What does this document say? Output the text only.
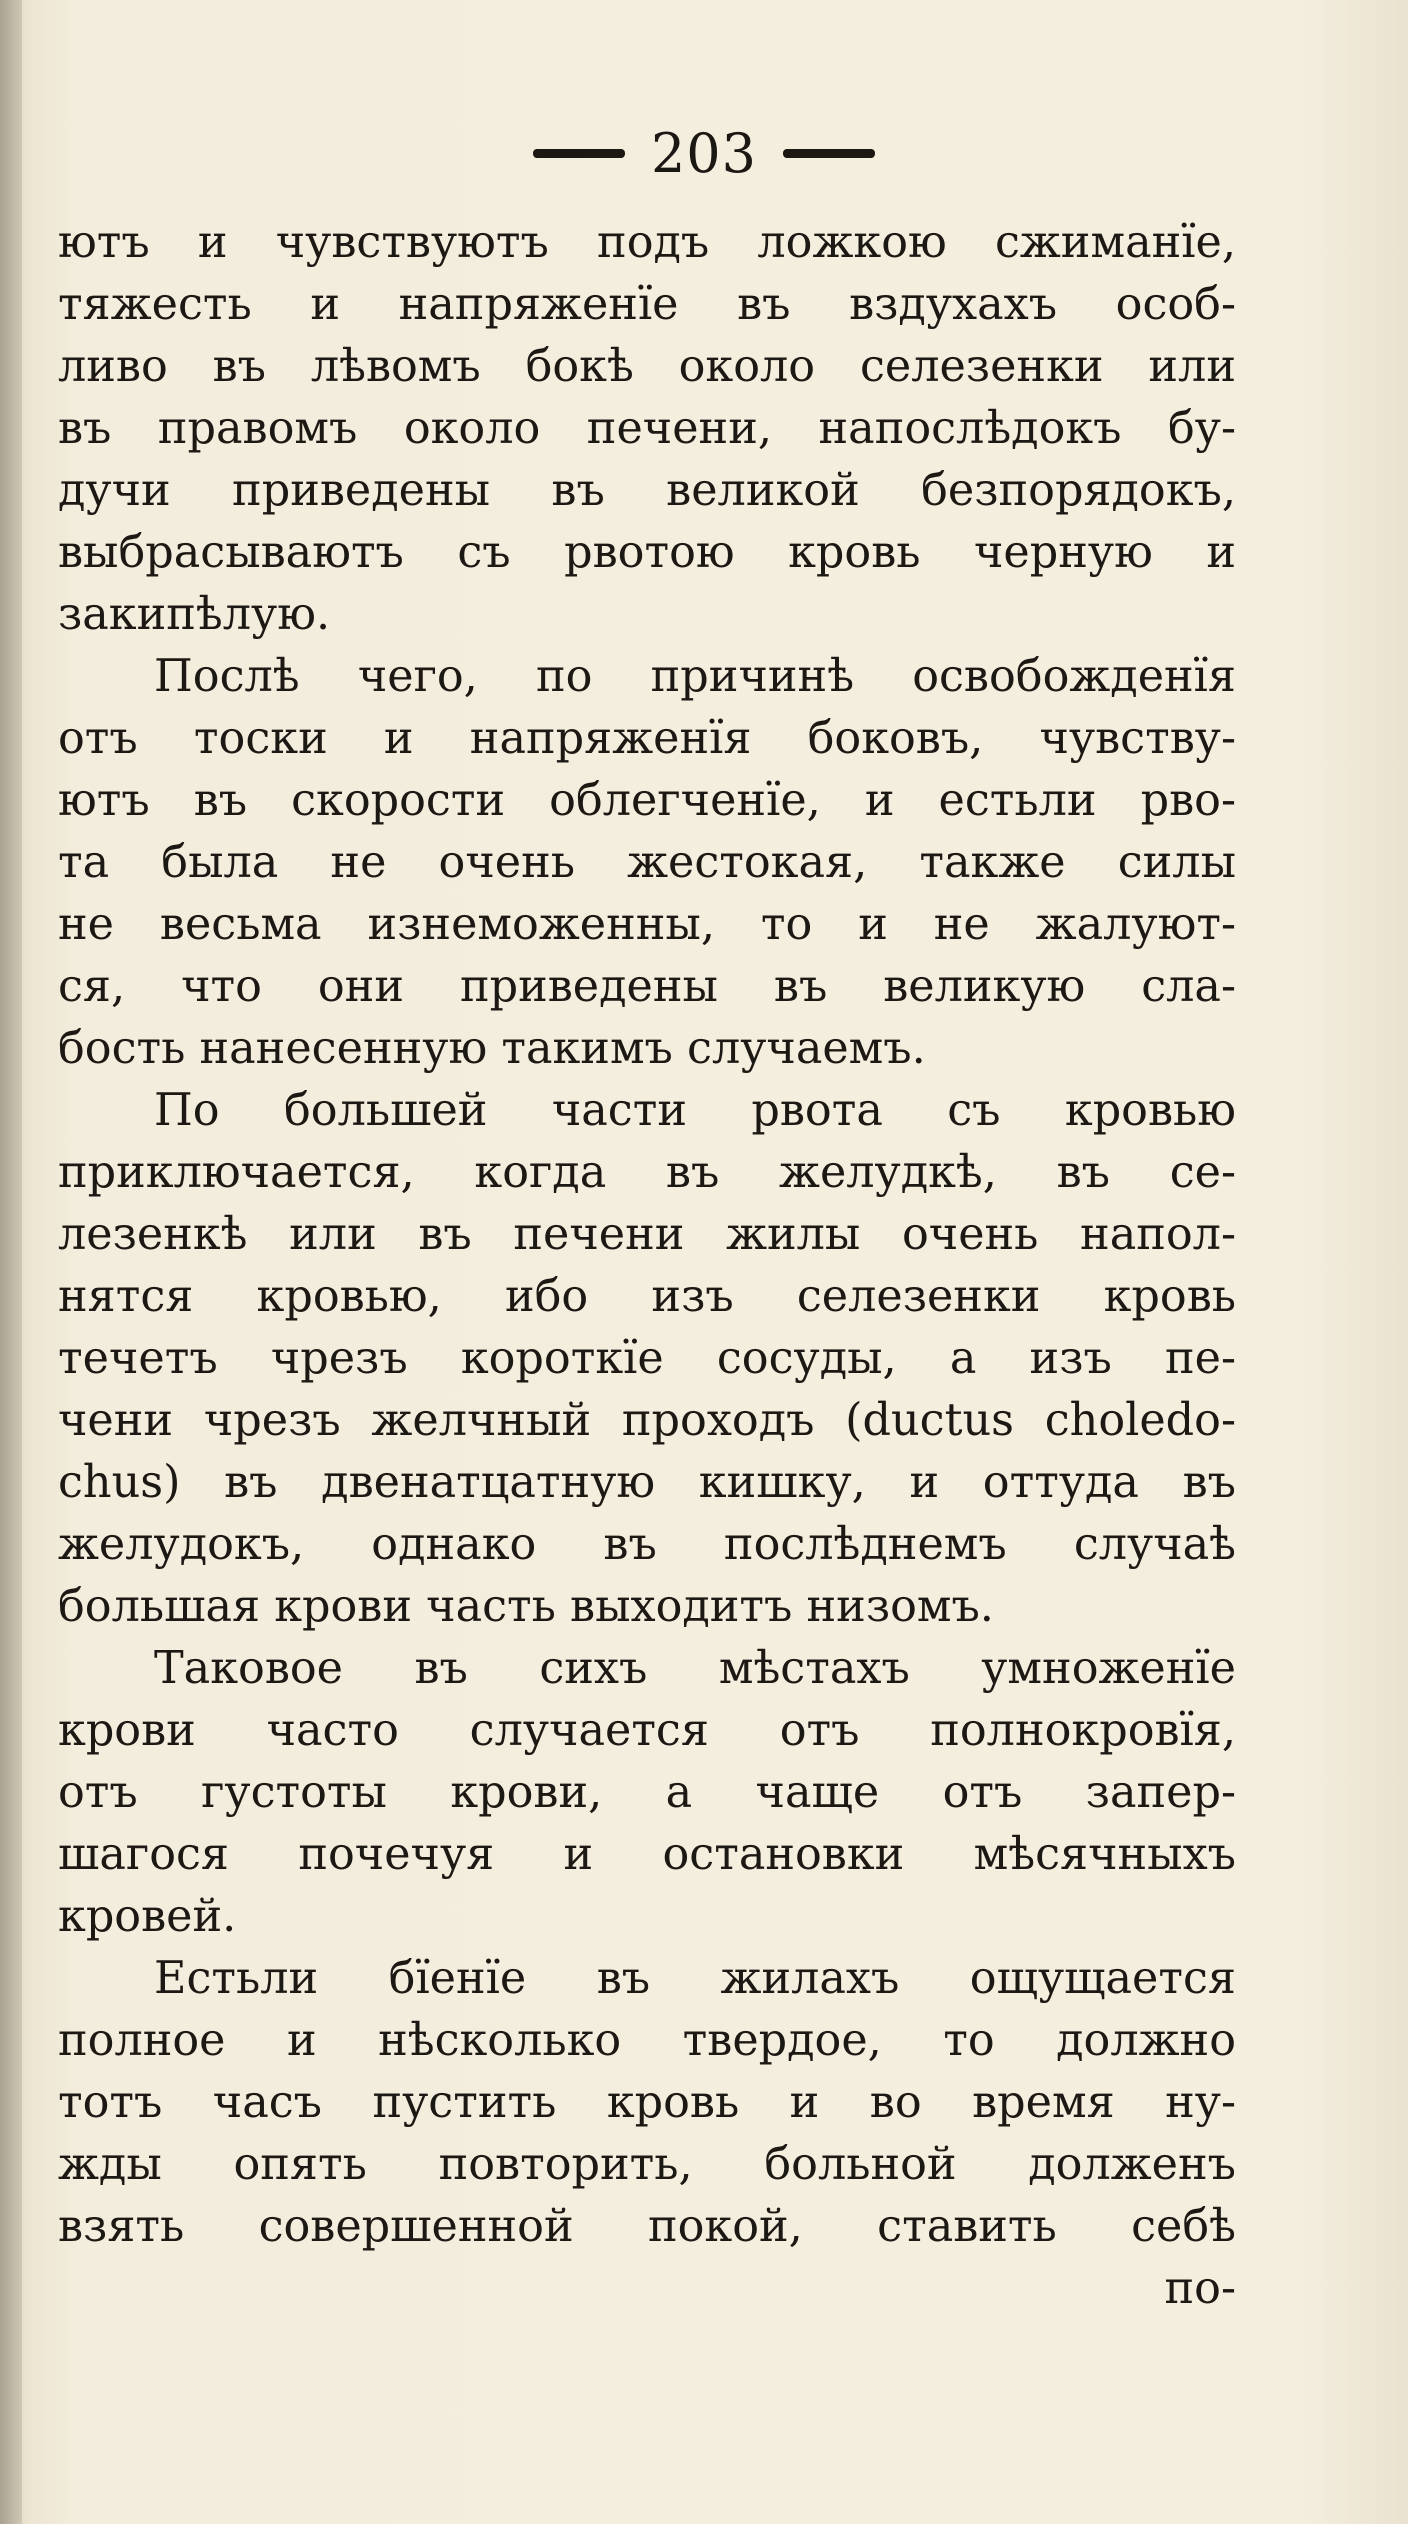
203
ютъ и чувствуютъ подъ ложкою сжиманїе,
тяжесть и напряженїе въ вздухахъ особ-
ливо въ лѣвомъ бокѣ около селезенки или
въ правомъ около печени, напослѣдокъ бу-
дучи приведены въ великой безпорядокъ,
выбрасываютъ съ рвотою кровь черную и
закипѣлую.
Послѣ чего, по причинѣ освобожденїя
отъ тоски и напряженїя боковъ, чувству-
ютъ въ скорости облегченїе, и естьли рво-
та была не очень жестокая, также силы
не весьма изнеможенны, то и не жалуют-
ся, что они приведены въ великую сла-
бость нанесенную такимъ случаемъ.
По большей части рвота съ кровью
приключается, когда въ желудкѣ, въ се-
лезенкѣ или въ печени жилы очень напол-
нятся кровью, ибо изъ селезенки кровь
течетъ чрезъ короткїе сосуды, а изъ пе-
чени чрезъ желчный проходъ (ductus choledo-
chus) въ двенатцатную кишку, и оттуда въ
желудокъ, однако въ послѣднемъ случаѣ
большая крови часть выходитъ низомъ.
Таковое въ сихъ мѣстахъ умноженїе
крови часто случается отъ полнокровїя,
отъ густоты крови, а чаще отъ запер-
шагося почечуя и остановки мѣсячныхъ
кровей.
Естьли бїенїе въ жилахъ ощущается
полное и нѣсколько твердое, то должно
тотъ часъ пустить кровь и во время ну-
жды опять повторить, больной долженъ
взять совершенной покой, ставить себѣ
по-
